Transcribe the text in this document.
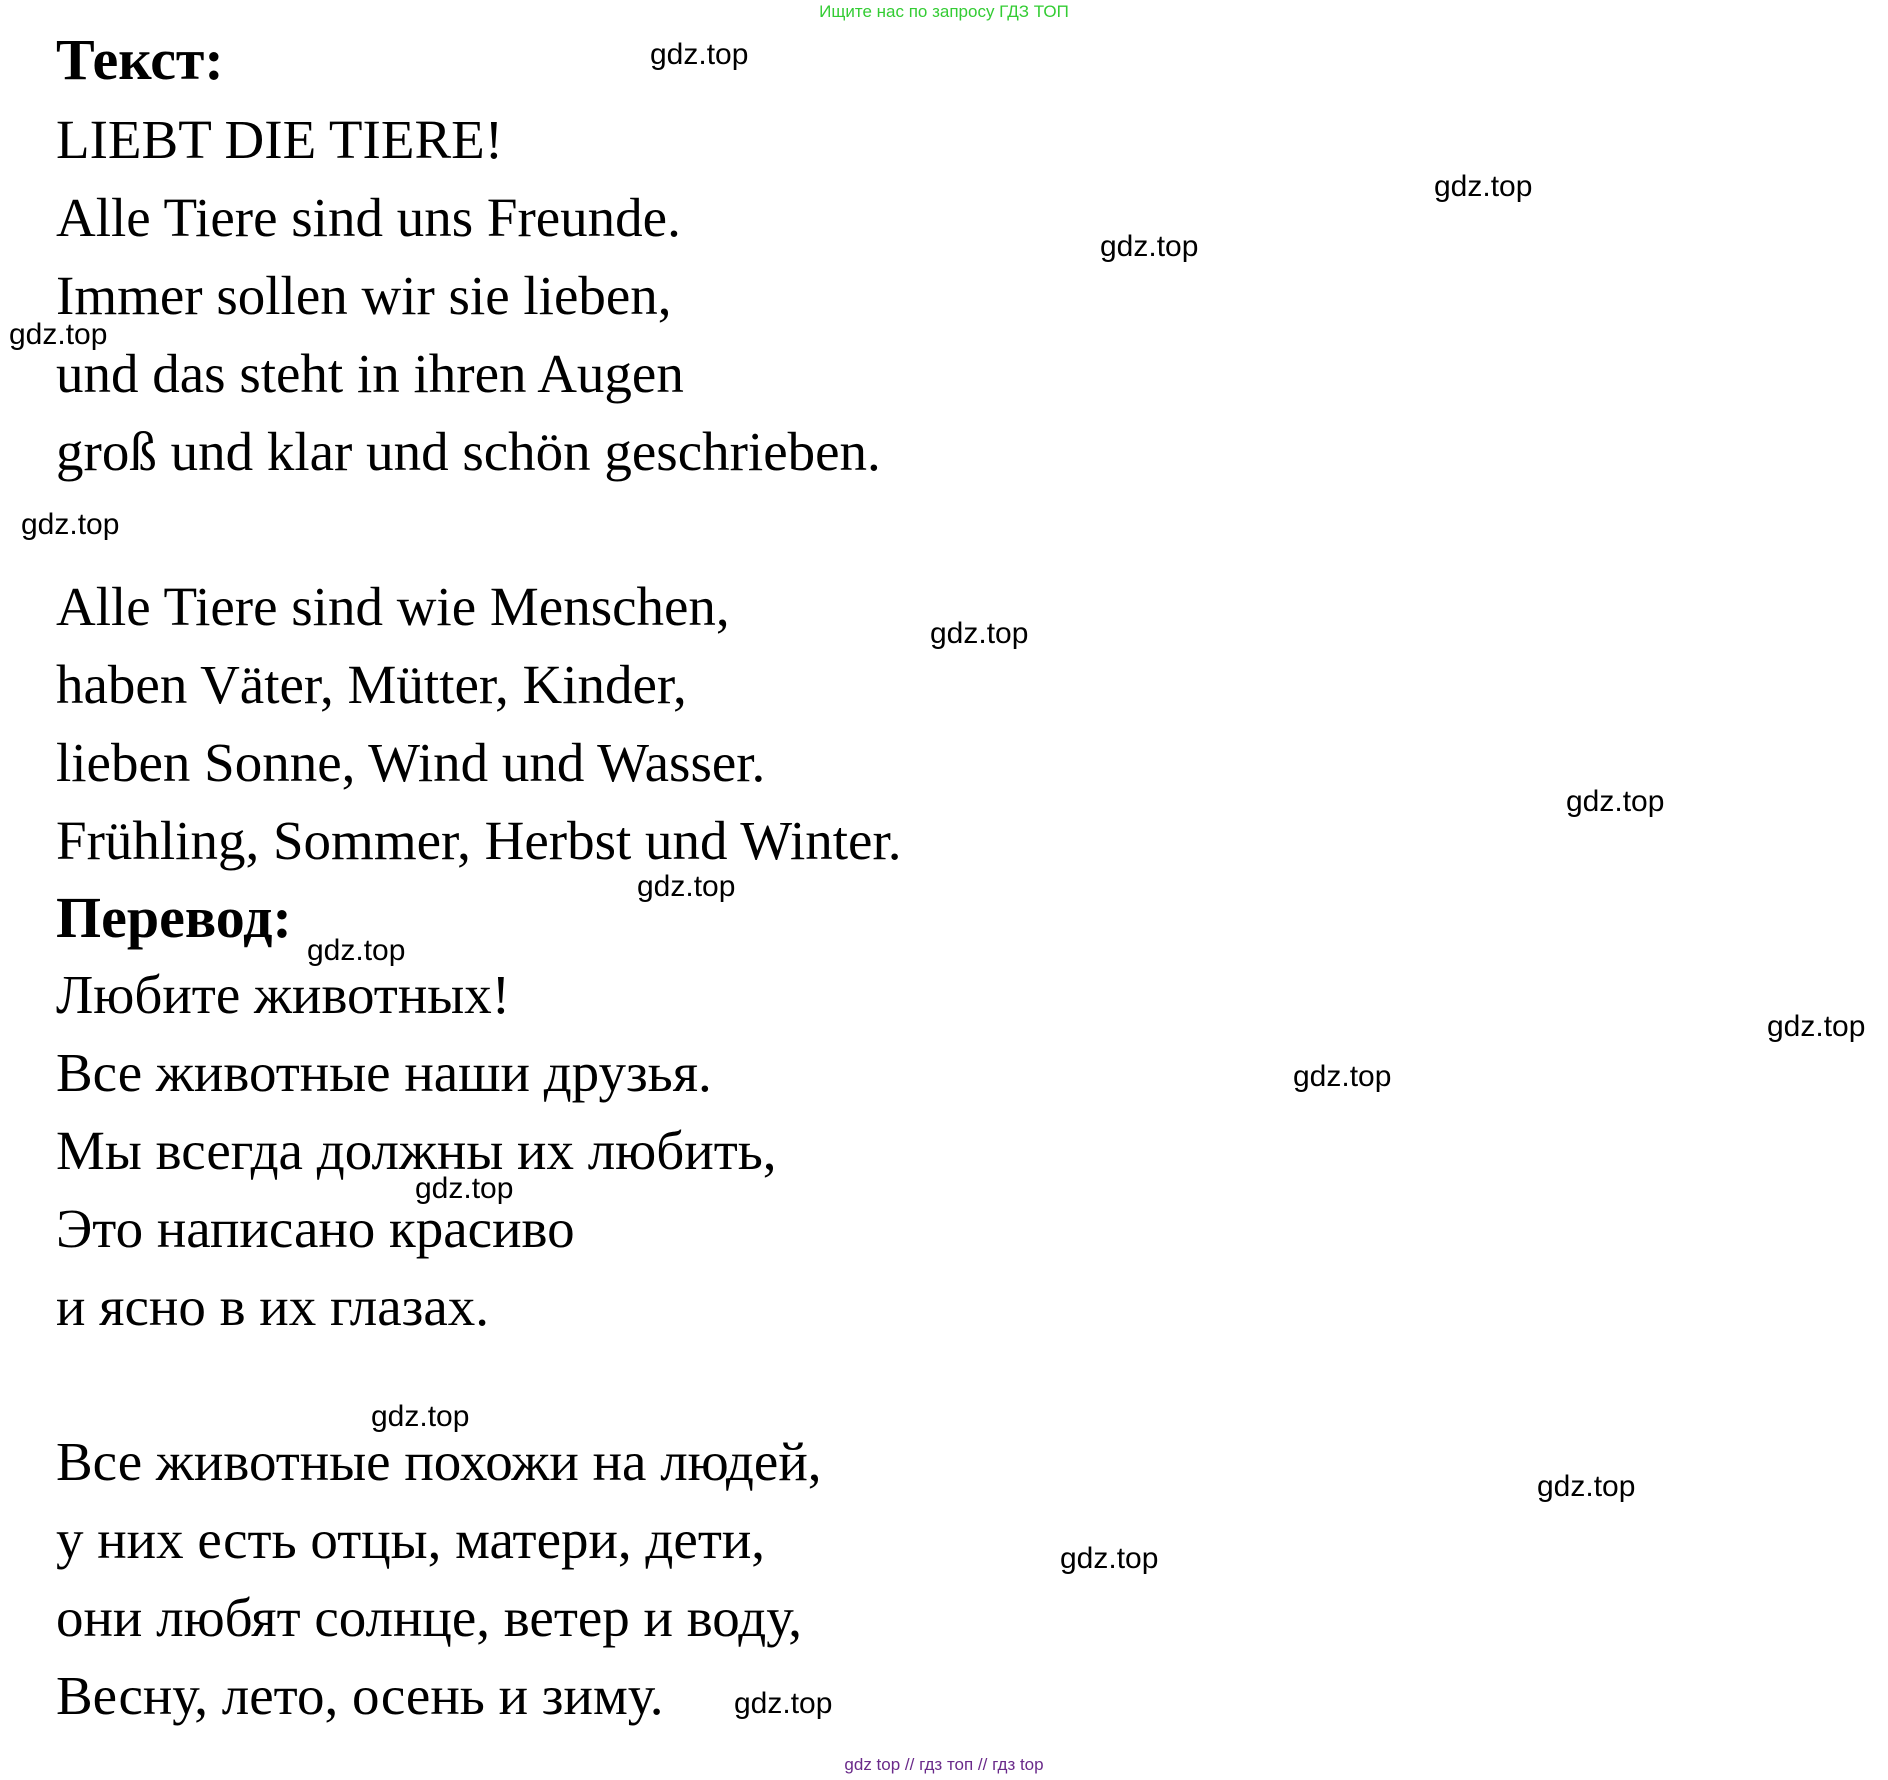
Ищите нас по запросу ГДЗ ТОП
Текст:
LIEBT DIE TIERE!
Alle Tiere sind uns Freunde.
Immer sollen wir sie lieben,
und das steht in ihren Augen
groß und klar und schön geschrieben.
Alle Tiere sind wie Menschen,
haben Väter, Mütter, Kinder,
lieben Sonne, Wind und Wasser.
Frühling, Sommer, Herbst und Winter.
Перевод:
Любите животных!
Все животные наши друзья.
Мы всегда должны их любить,
Это написано красиво
и ясно в их глазах.
Все животные похожи на людей,
у них есть отцы, матери, дети,
они любят солнце, ветер и воду,
Весну, лето, осень и зиму.
gdz.top
gdz.top
gdz.top
gdz.top
gdz.top
gdz.top
gdz.top
gdz.top
gdz.top
gdz.top
gdz.top
gdz.top
gdz.top
gdz.top
gdz.top
gdz.top
gdz top // гдз топ // гдз top
